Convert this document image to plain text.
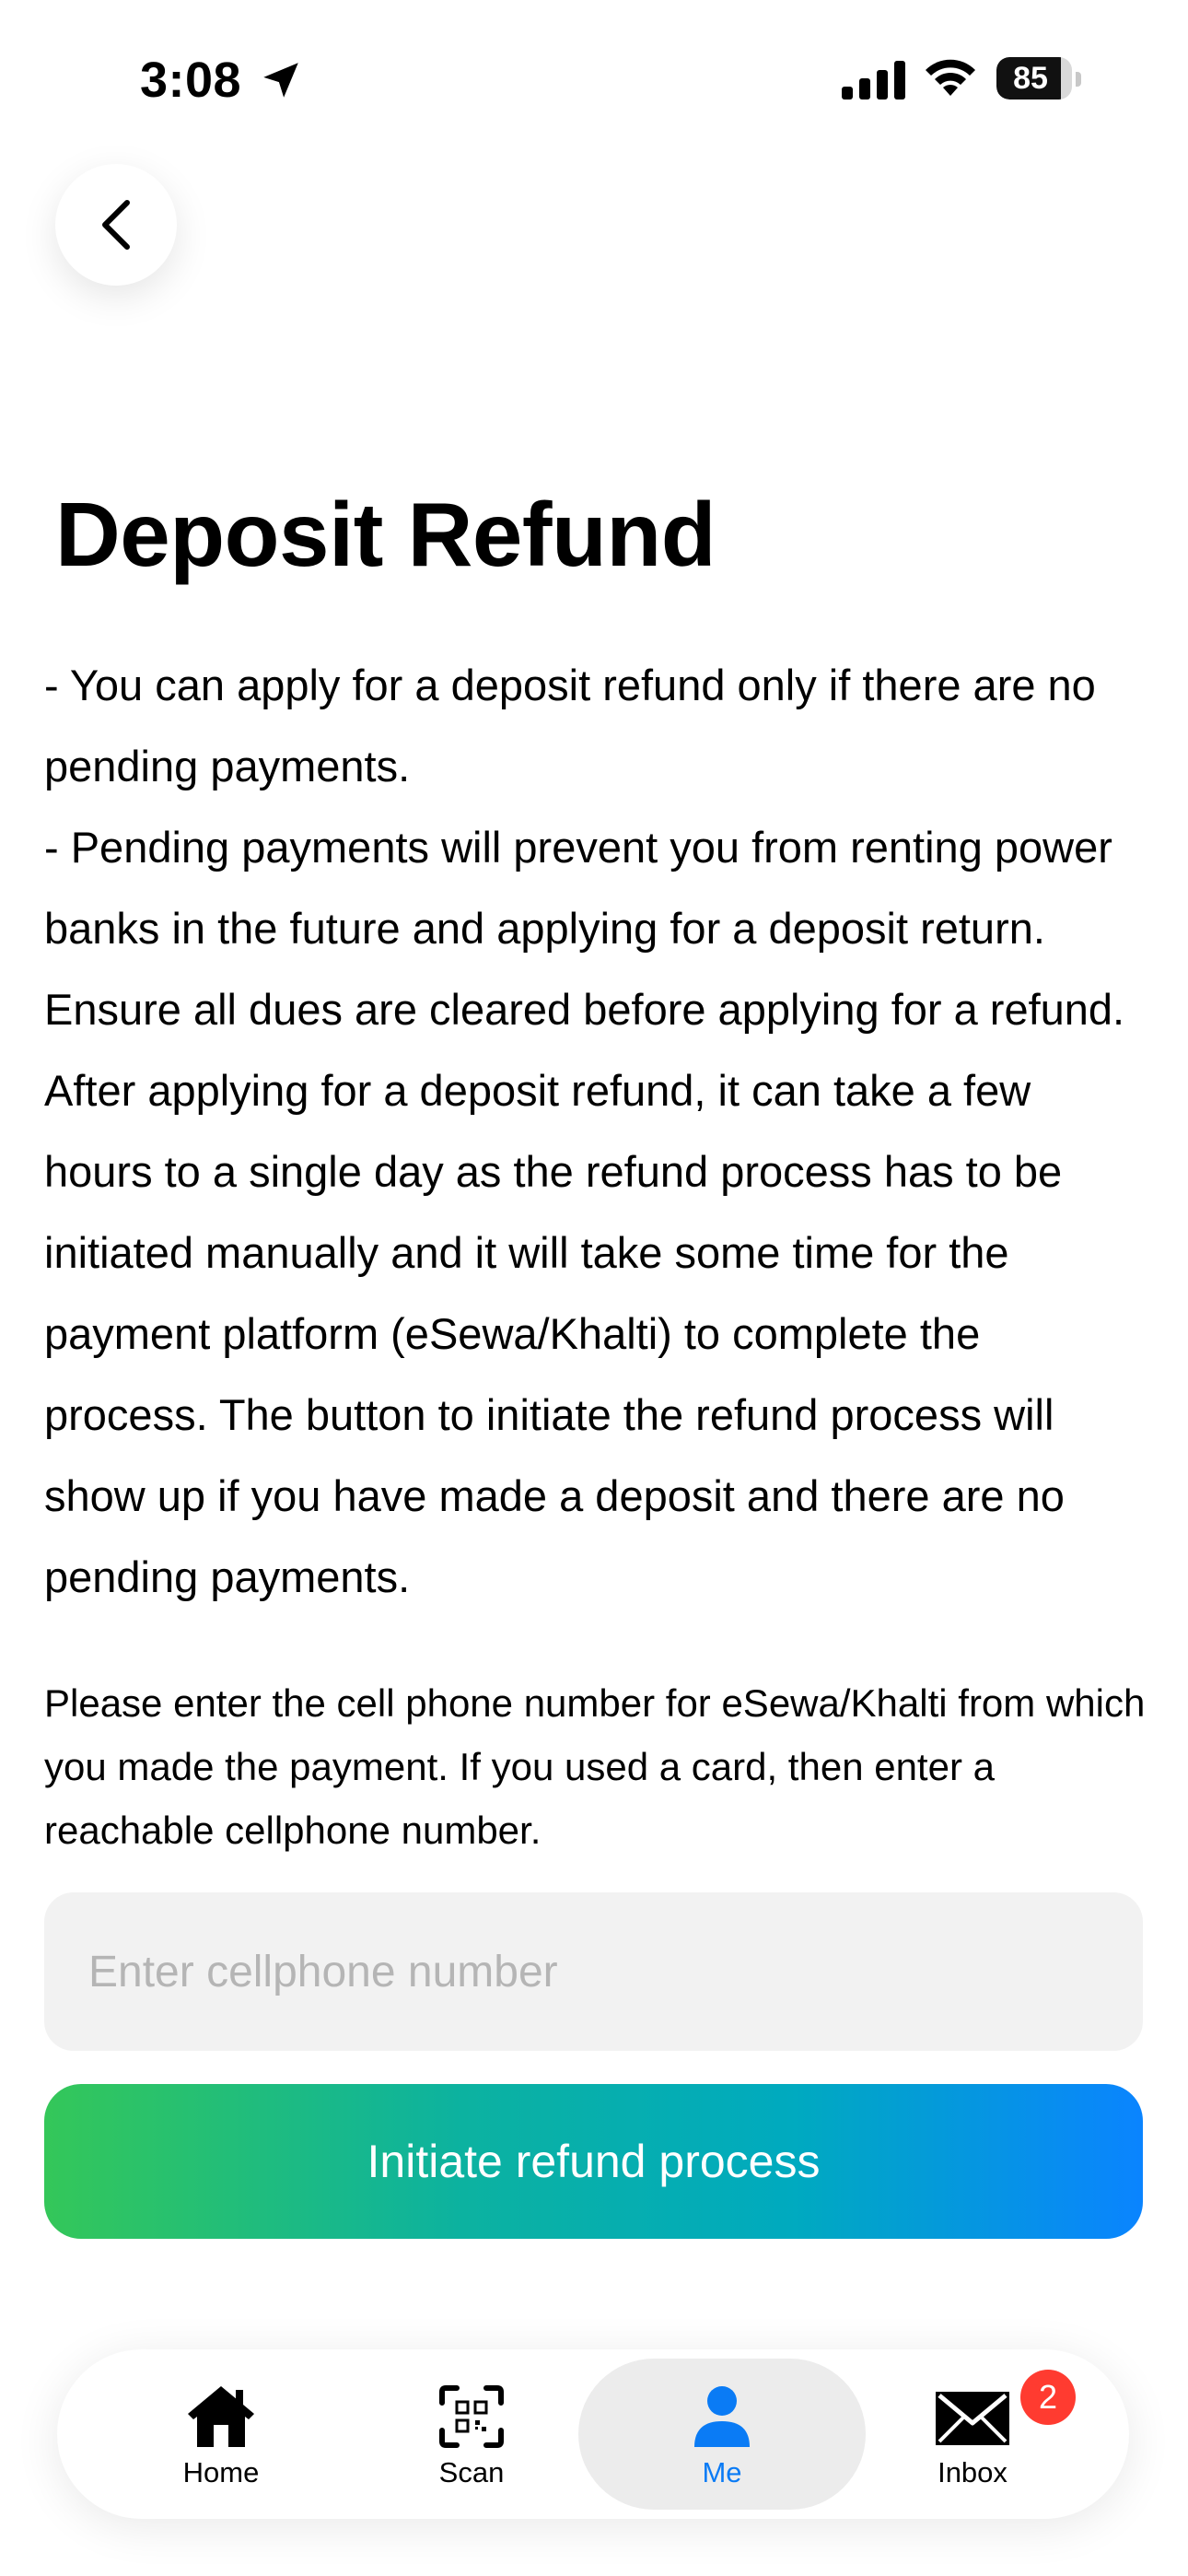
3:08	85
Deposit Refund

- You can apply for a deposit refund only if there are no pending payments.
- Pending payments will prevent you from renting power banks in the future and applying for a deposit return. Ensure all dues are cleared before applying for a refund. After applying for a deposit refund, it can take a few hours to a single day as the refund process has to be initiated manually and it will take some time for the payment platform (eSewa/Khalti) to complete the process. The button to initiate the refund process will show up if you have made a deposit and there are no pending payments.

Please enter the cell phone number for eSewa/Khalti from which you made the payment. If you used a card, then enter a reachable cellphone number.

Enter cellphone number
Initiate refund process
Home	Scan	Me
2
Inbox
